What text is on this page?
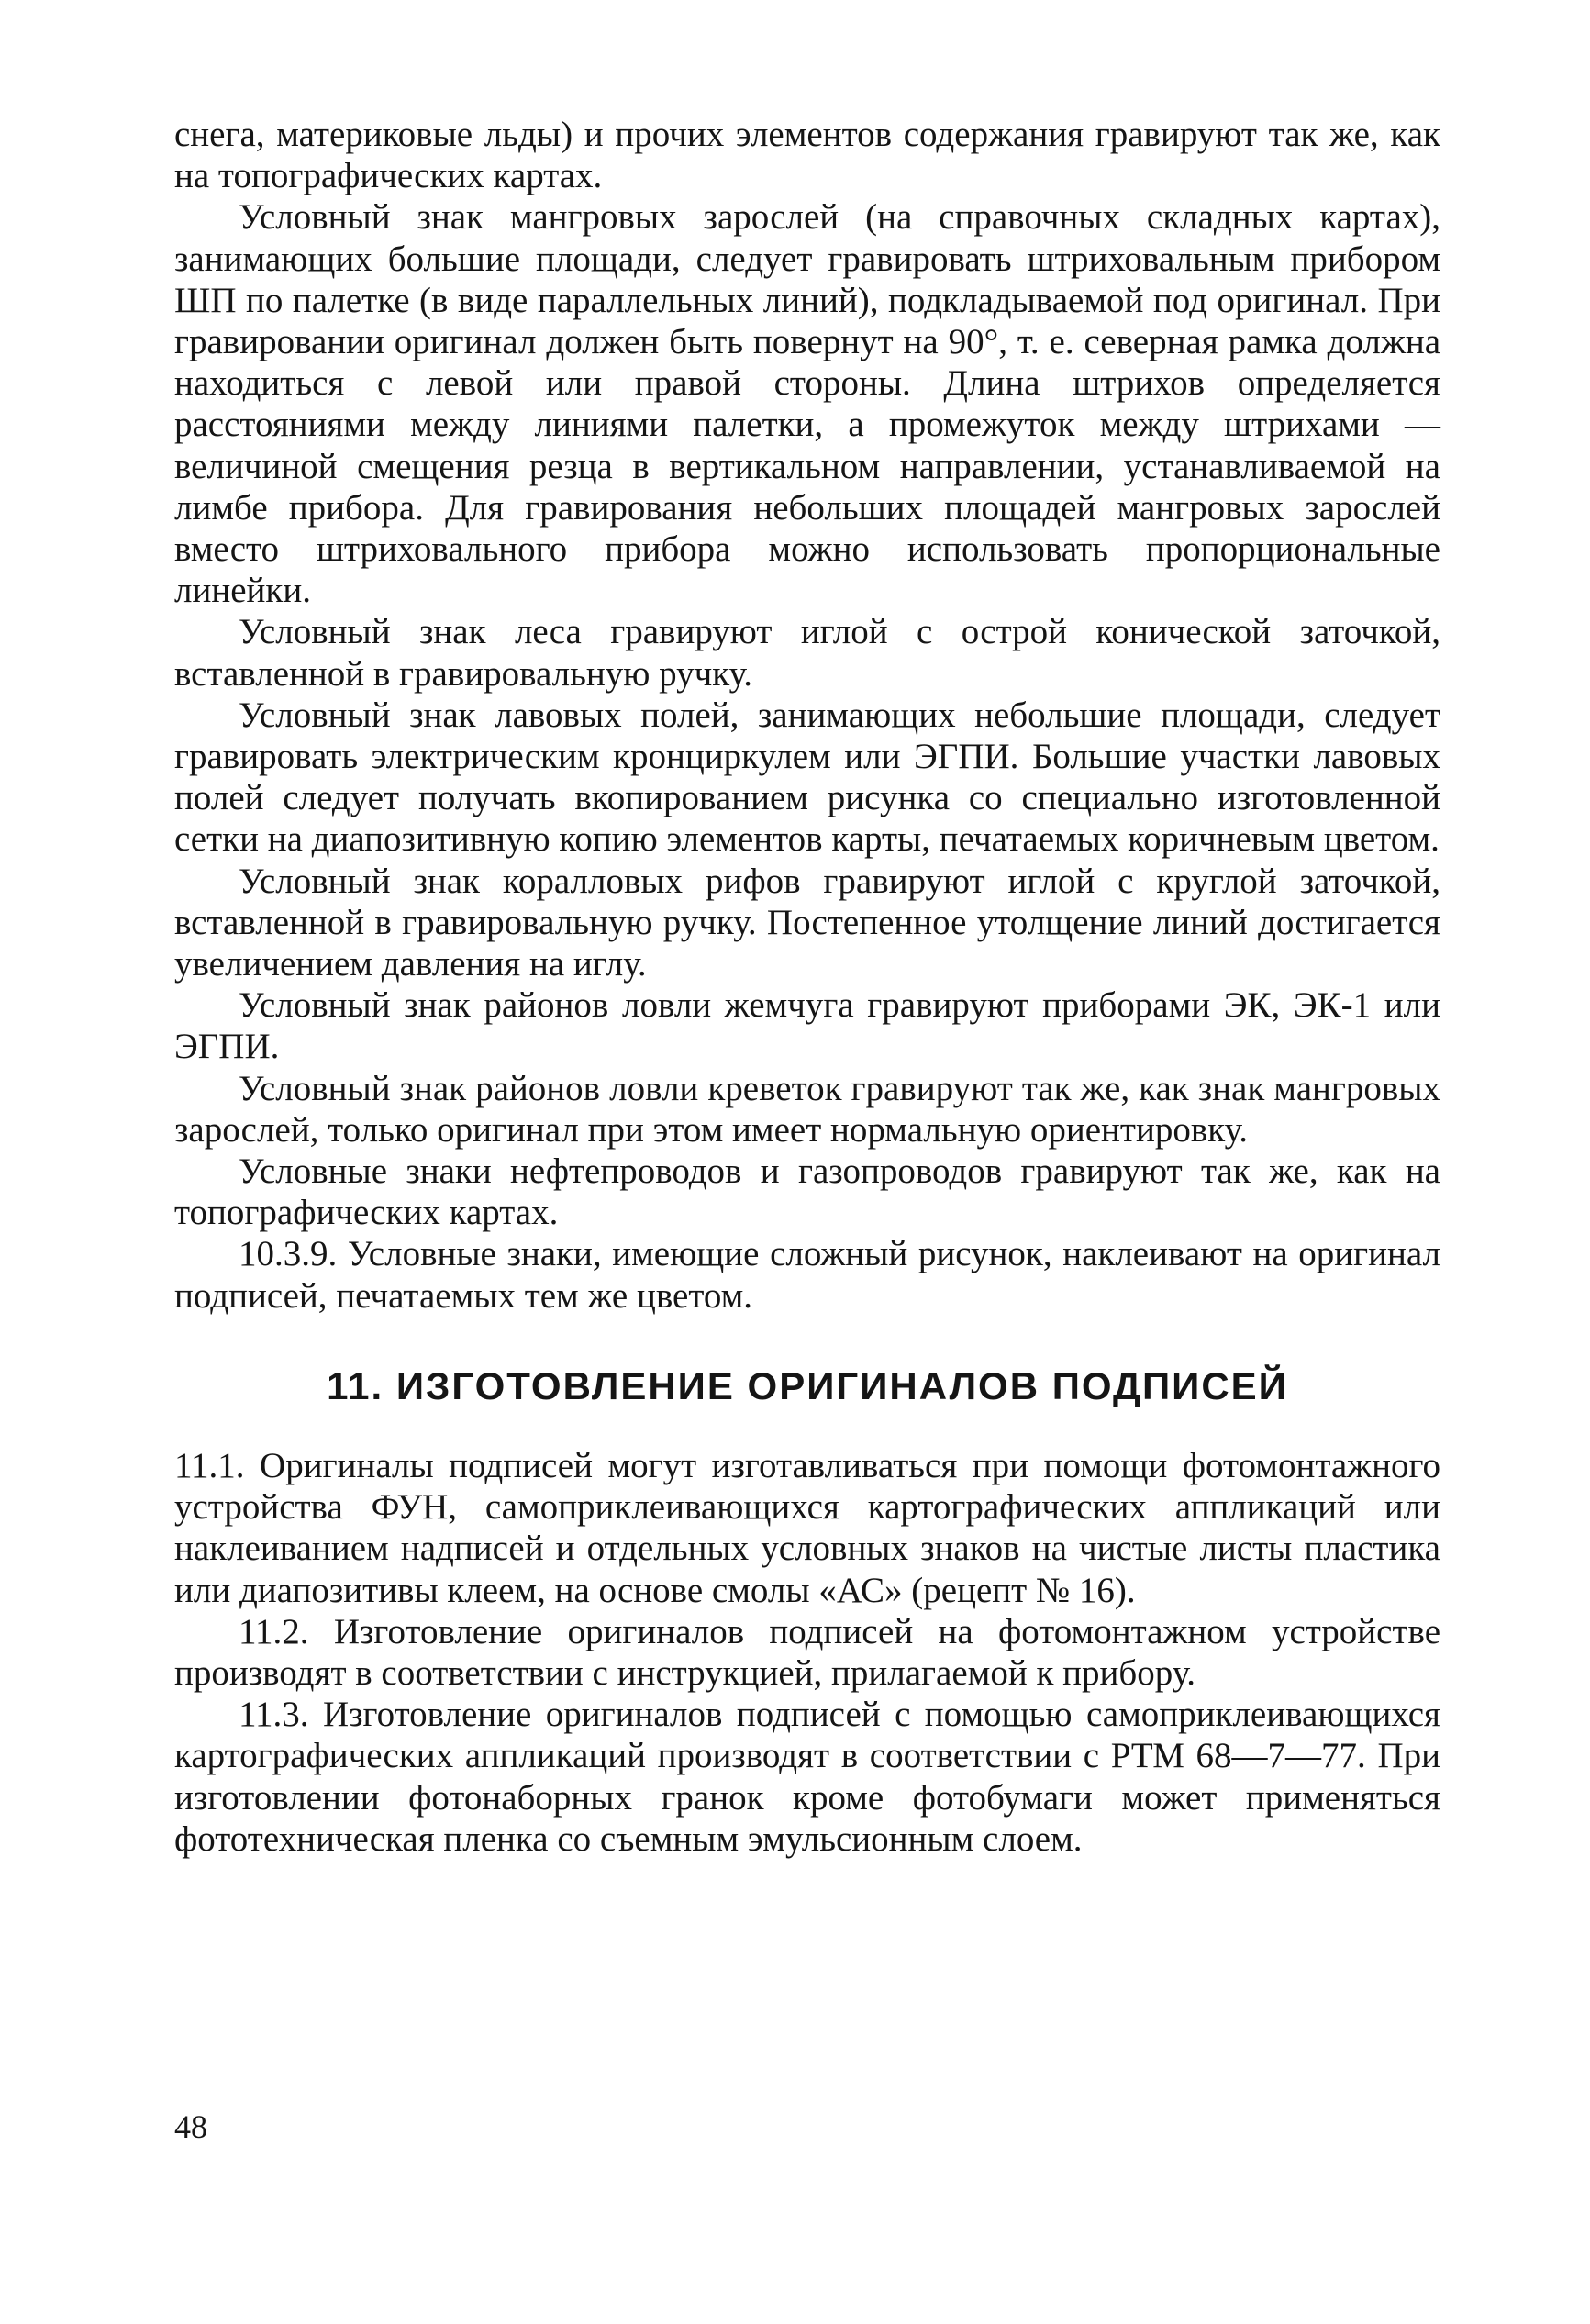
снега, материковые льды) и прочих элементов содержания гравируют так же, как на топографических картах.

Условный знак мангровых зарослей (на справочных складных картах), занимающих большие площади, следует гравировать штриховальным прибором ШП по палетке (в виде параллельных линий), подкладываемой под оригинал. При гравировании оригинал должен быть повернут на 90°, т. е. северная рамка должна находиться с левой или правой стороны. Длина штрихов определяется расстояниями между линиями палетки, а промежуток между штрихами — величиной смещения резца в вертикальном направлении, устанавливаемой на лимбе прибора. Для гравирования небольших площадей мангровых зарослей вместо штриховального прибора можно использовать пропорциональные линейки.

Условный знак леса гравируют иглой с острой конической заточкой, вставленной в гравировальную ручку.

Условный знак лавовых полей, занимающих небольшие площади, следует гравировать электрическим кронциркулем или ЭГПИ. Большие участки лавовых полей следует получать вкопированием рисунка со специально изготовленной сетки на диапозитивную копию элементов карты, печатаемых коричневым цветом.

Условный знак коралловых рифов гравируют иглой с круглой заточкой, вставленной в гравировальную ручку. Постепенное утолщение линий достигается увеличением давления на иглу.

Условный знак районов ловли жемчуга гравируют приборами ЭК, ЭК-1 или ЭГПИ.

Условный знак районов ловли креветок гравируют так же, как знак мангровых зарослей, только оригинал при этом имеет нормальную ориентировку.

Условные знаки нефтепроводов и газопроводов гравируют так же, как на топографических картах.

10.3.9. Условные знаки, имеющие сложный рисунок, наклеивают на оригинал подписей, печатаемых тем же цветом.

11. ИЗГОТОВЛЕНИЕ ОРИГИНАЛОВ ПОДПИСЕЙ

11.1. Оригиналы подписей могут изготавливаться при помощи фотомонтажного устройства ФУН, самоприклеивающихся картографических аппликаций или наклеиванием надписей и отдельных условных знаков на чистые листы пластика или диапозитивы клеем, на основе смолы «АС» (рецепт № 16).

11.2. Изготовление оригиналов подписей на фотомонтажном устройстве производят в соответствии с инструкцией, прилагаемой к прибору.

11.3. Изготовление оригиналов подписей с помощью самоприклеивающихся картографических аппликаций производят в соответствии с РТМ 68—7—77. При изготовлении фотонаборных гранок кроме фотобумаги может применяться фототехническая пленка со съемным эмульсионным слоем.

48
